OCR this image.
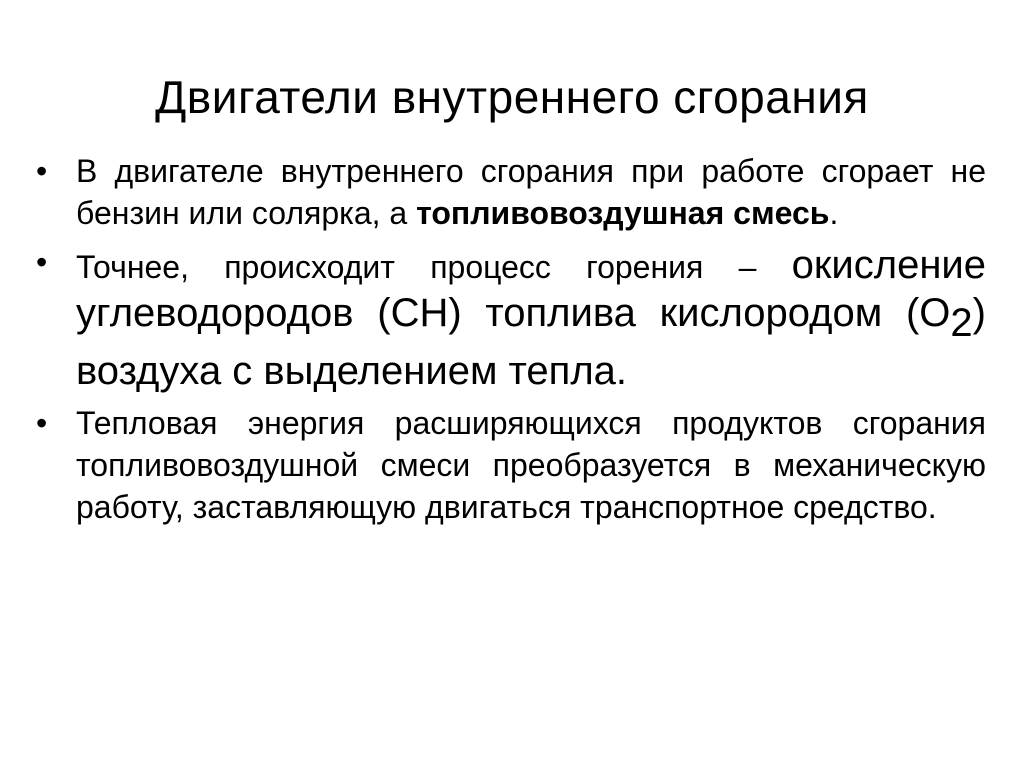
Двигатели внутреннего сгорания
• В двигателе внутреннего сгорания при работе сгорает не бензин или солярка, а топливовоздушная смесь.
• Точнее, происходит процесс горения – окисление углеводородов (CH) топлива кислородом $(O_2)$ воздуха с выделением тепла.
• Тепловая энергия расширяющихся продуктов сгорания топливовоздушной смеси преобразуется в механическую работу, заставляющую двигаться транспортное средство.
